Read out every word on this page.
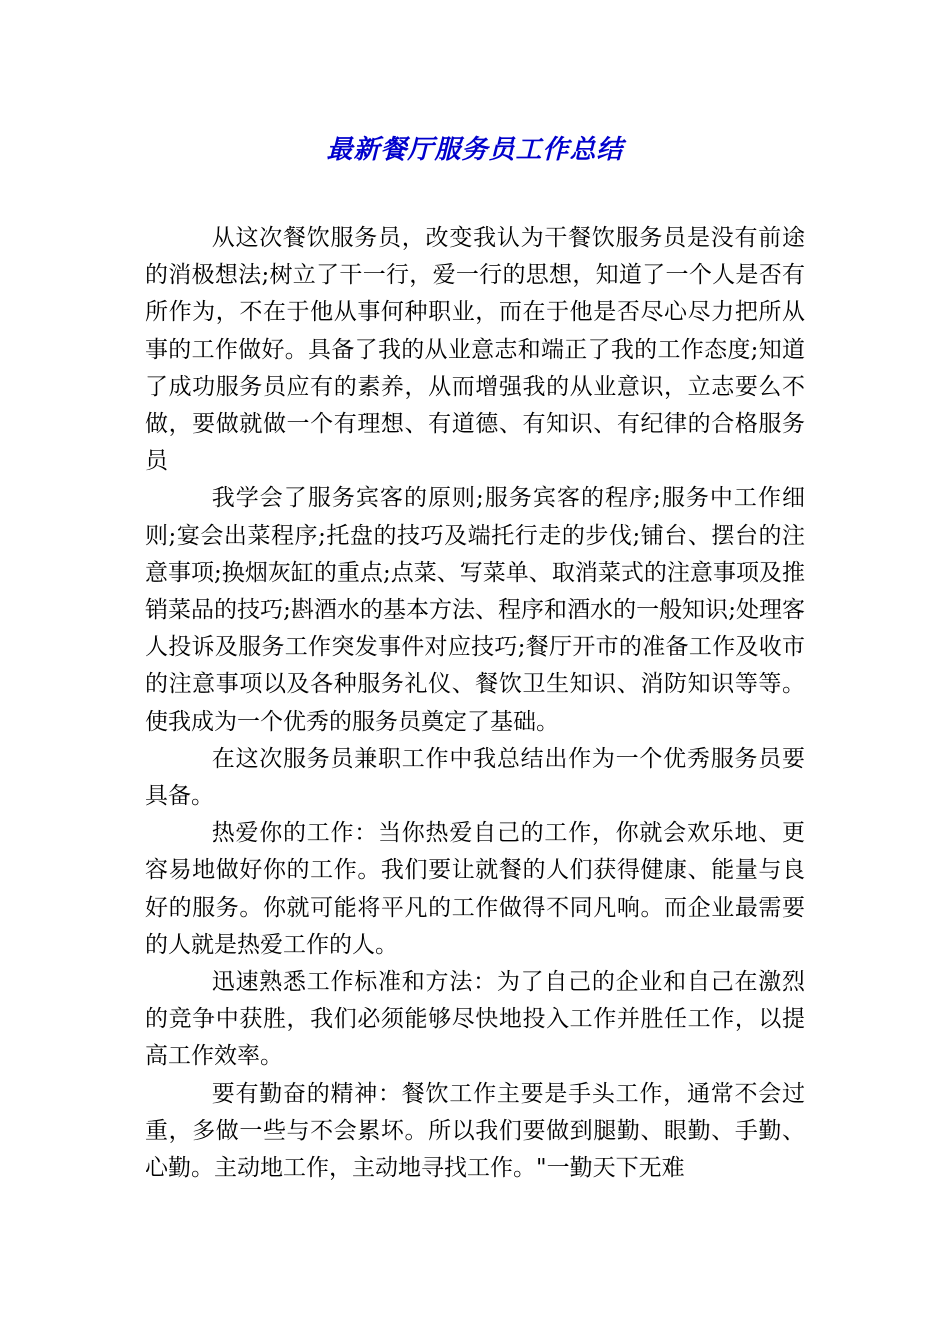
最新餐厅服务员工作总结

从这次餐饮服务员，改变我认为干餐饮服务员是没有前途的消极想法;树立了干一行，爱一行的思想，知道了一个人是否有所作为，不在于他从事何种职业，而在于他是否尽心尽力把所从事的工作做好。具备了我的从业意志和端正了我的工作态度;知道了成功服务员应有的素养，从而增强我的从业意识，立志要么不做，要做就做一个有理想、有道德、有知识、有纪律的合格服务员

我学会了服务宾客的原则;服务宾客的程序;服务中工作细则;宴会出菜程序;托盘的技巧及端托行走的步伐;铺台、摆台的注意事项;换烟灰缸的重点;点菜、写菜单、取消菜式的注意事项及推销菜品的技巧;斟酒水的基本方法、程序和酒水的一般知识;处理客人投诉及服务工作突发事件对应技巧;餐厅开市的准备工作及收市的注意事项以及各种服务礼仪、餐饮卫生知识、消防知识等等。使我成为一个优秀的服务员奠定了基础。

在这次服务员兼职工作中我总结出作为一个优秀服务员要具备。

热爱你的工作：当你热爱自己的工作，你就会欢乐地、更容易地做好你的工作。我们要让就餐的人们获得健康、能量与良好的服务。你就可能将平凡的工作做得不同凡响。而企业最需要的人就是热爱工作的人。

迅速熟悉工作标准和方法：为了自己的企业和自己在激烈的竞争中获胜，我们必须能够尽快地投入工作并胜任工作，以提高工作效率。

要有勤奋的精神：餐饮工作主要是手头工作，通常不会过重，多做一些与不会累坏。所以我们要做到腿勤、眼勤、手勤、心勤。主动地工作，主动地寻找工作。"一勤天下无难
